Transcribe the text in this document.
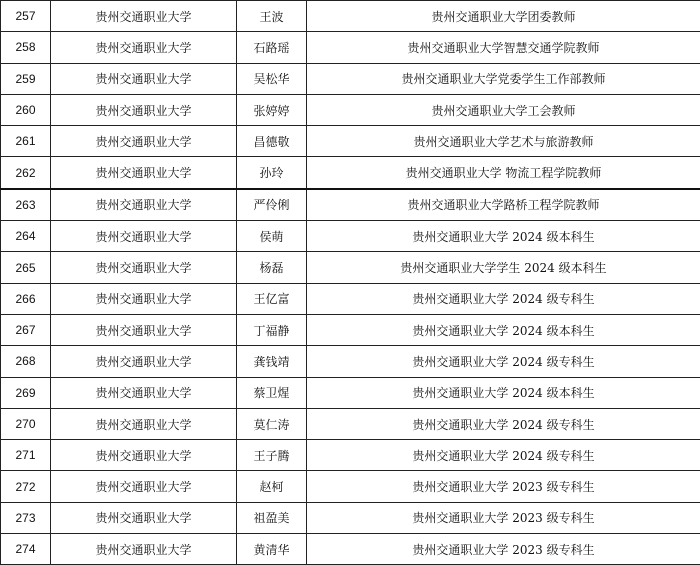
257	贵州交通职业大学	王波	贵州交通职业大学团委教师
258	贵州交通职业大学	石路瑶	贵州交通职业大学智慧交通学院教师
259	贵州交通职业大学	吴松华	贵州交通职业大学党委学生工作部教师
260	贵州交通职业大学	张婷婷	贵州交通职业大学工会教师
261	贵州交通职业大学	昌德敬	贵州交通职业大学艺术与旅游教师
262	贵州交通职业大学	孙玲	贵州交通职业大学 物流工程学院教师
263	贵州交通职业大学	严伶俐	贵州交通职业大学路桥工程学院教师
264	贵州交通职业大学	侯萌	贵州交通职业大学 2024 级本科生
265	贵州交通职业大学	杨磊	贵州交通职业大学学生 2024 级本科生
266	贵州交通职业大学	王亿富	贵州交通职业大学 2024 级专科生
267	贵州交通职业大学	丁福静	贵州交通职业大学 2024 级本科生
268	贵州交通职业大学	龚钱靖	贵州交通职业大学 2024 级专科生
269	贵州交通职业大学	蔡卫煋	贵州交通职业大学 2024 级本科生
270	贵州交通职业大学	莫仁涛	贵州交通职业大学 2024 级专科生
271	贵州交通职业大学	王子腾	贵州交通职业大学 2024 级专科生
272	贵州交通职业大学	赵柯	贵州交通职业大学 2023 级专科生
273	贵州交通职业大学	祖盈美	贵州交通职业大学 2023 级专科生
274	贵州交通职业大学	黄清华	贵州交通职业大学 2023 级专科生
